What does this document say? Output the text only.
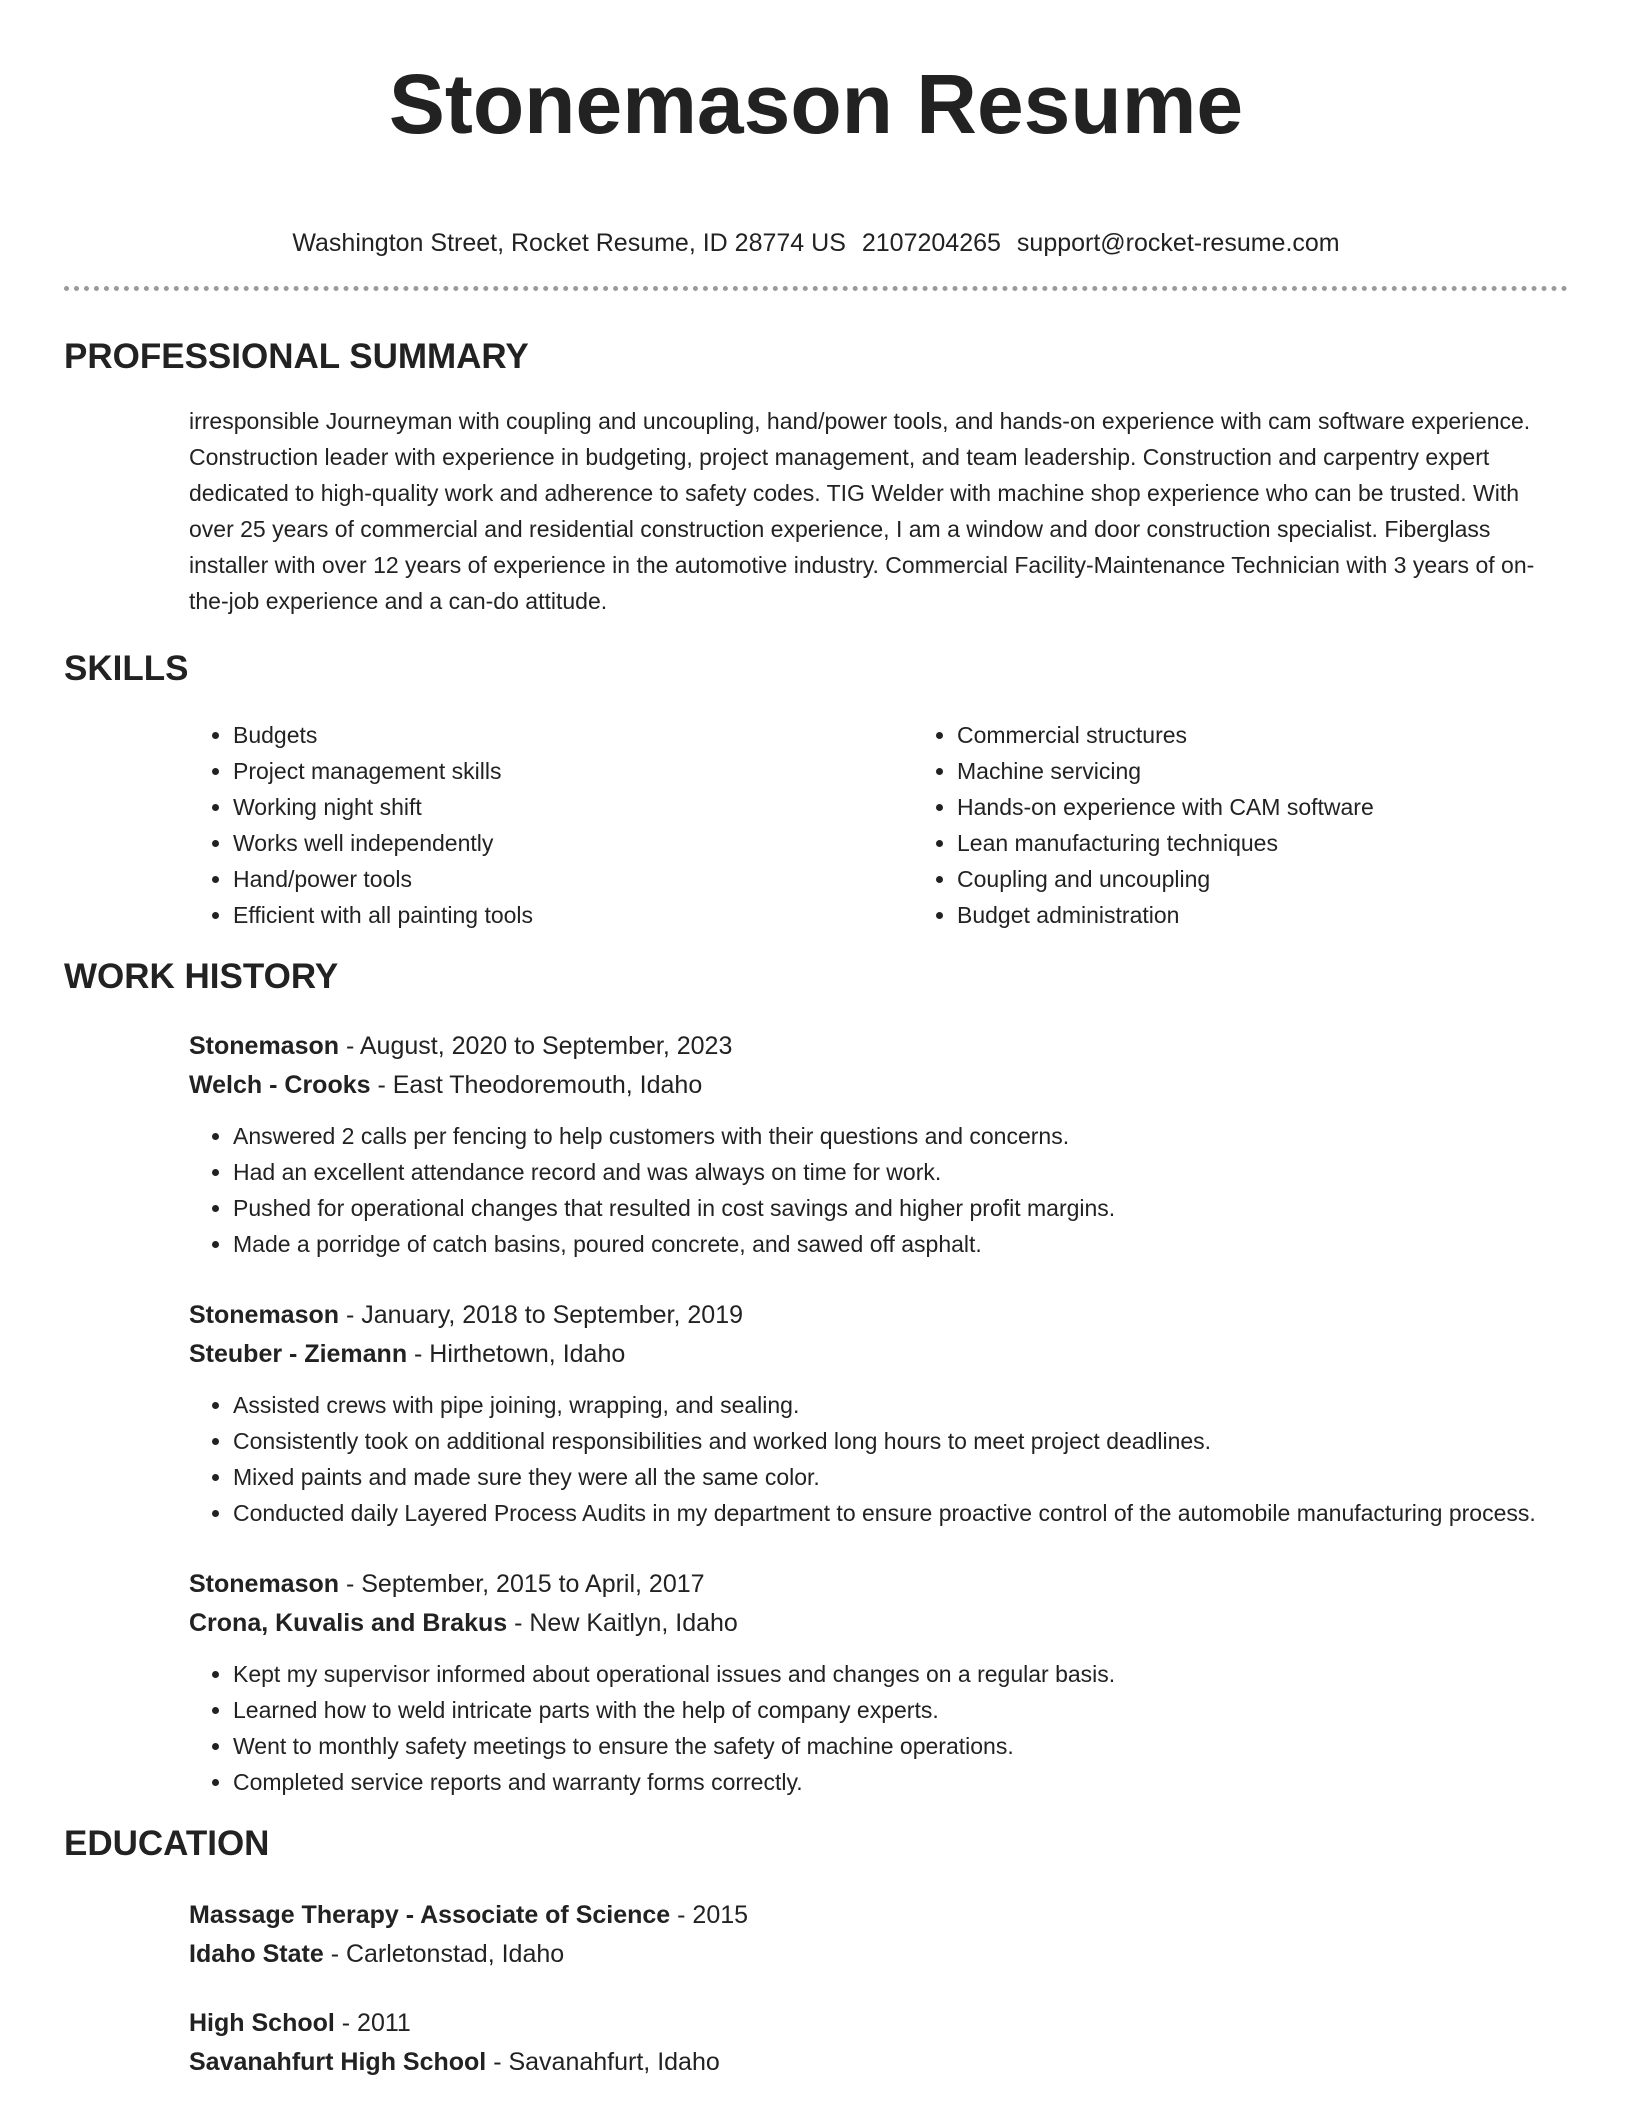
Stonemason Resume
Washington Street, Rocket Resume, ID 28774 US 2107204265 support@rocket-resume.com
PROFESSIONAL SUMMARY

irresponsible Journeyman with coupling and uncoupling, hand/power tools, and hands-on experience with cam software experience. Construction leader with experience in budgeting, project management, and team leadership. Construction and carpentry expert dedicated to high-quality work and adherence to safety codes. TIG Welder with machine shop experience who can be trusted. With over 25 years of commercial and residential construction experience, I am a window and door construction specialist. Fiberglass installer with over 12 years of experience in the automotive industry. Commercial Facility-Maintenance Technician with 3 years of on-the-job experience and a can-do attitude.

SKILLS
• Budgets
• Project management skills
• Working night shift
• Works well independently
• Hand/power tools
• Efficient with all painting tools
• Commercial structures
• Machine servicing
• Hands-on experience with CAM software
• Lean manufacturing techniques
• Coupling and uncoupling
• Budget administration
WORK HISTORY
Stonemason - August, 2020 to September, 2023
Welch - Crooks - East Theodoremouth, Idaho
• Answered 2 calls per fencing to help customers with their questions and concerns.
• Had an excellent attendance record and was always on time for work.
• Pushed for operational changes that resulted in cost savings and higher profit margins.
• Made a porridge of catch basins, poured concrete, and sawed off asphalt.
Stonemason - January, 2018 to September, 2019
Steuber - Ziemann - Hirthetown, Idaho
• Assisted crews with pipe joining, wrapping, and sealing.
• Consistently took on additional responsibilities and worked long hours to meet project deadlines.
• Mixed paints and made sure they were all the same color.
• Conducted daily Layered Process Audits in my department to ensure proactive control of the automobile manufacturing process.
Stonemason - September, 2015 to April, 2017
Crona, Kuvalis and Brakus - New Kaitlyn, Idaho
• Kept my supervisor informed about operational issues and changes on a regular basis.
• Learned how to weld intricate parts with the help of company experts.
• Went to monthly safety meetings to ensure the safety of machine operations.
• Completed service reports and warranty forms correctly.
EDUCATION
Massage Therapy - Associate of Science - 2015
Idaho State - Carletonstad, Idaho
High School - 2011
Savanahfurt High School - Savanahfurt, Idaho
